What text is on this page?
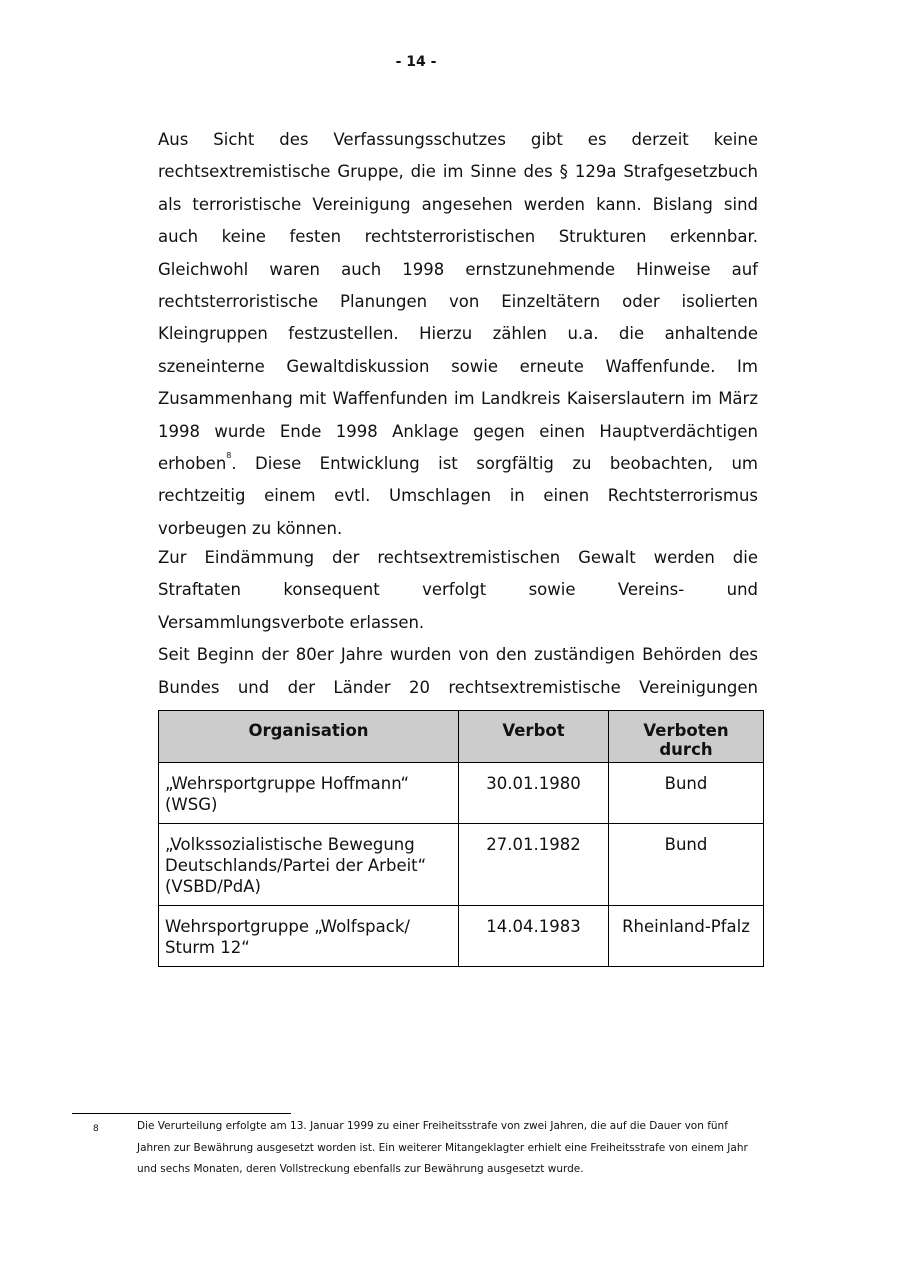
- 14 -

Aus Sicht des Verfassungsschutzes gibt es derzeit keine rechtsextremistische Gruppe, die im Sinne des § 129a Strafgesetzbuch als terroristische Vereinigung angesehen werden kann. Bislang sind auch keine festen rechtsterroristischen Strukturen erkennbar. Gleichwohl waren auch 1998 ernstzunehmende Hinweise auf rechtsterroristische Planungen von Einzeltätern oder isolierten Kleingruppen festzustellen. Hierzu zählen u.a. die anhaltende szeneinterne Gewaltdiskussion sowie erneute Waffenfunde. Im Zusammenhang mit Waffenfunden im Landkreis Kaiserslautern im März 1998 wurde Ende 1998 Anklage gegen einen Hauptverdächtigen erhoben$^8$. Diese Entwicklung ist sorgfältig zu beobachten, um rechtzeitig einem evtl. Umschlagen in einen Rechtsterrorismus vorbeugen zu können.

Zur Eindämmung der rechtsextremistischen Gewalt werden die Straftaten konsequent verfolgt sowie Vereins- und Versammlungsverbote erlassen.
Seit Beginn der 80er Jahre wurden von den zuständigen Behörden des Bundes und der Länder 20 rechtsextremistische Vereinigungen

Organisation	Verbot	Verboten durch
„Wehrsportgruppe Hoffmann“
(WSG)	30.01.1980	Bund
„Volkssozialistische Bewegung
Deutschlands/Partei der Arbeit“
(VSBD/PdA)	27.01.1982	Bund
Wehrsportgruppe „Wolfspack/
Sturm 12“	14.04.1983	Rheinland-Pfalz
8	Die Verurteilung erfolgte am 13. Januar 1999 zu einer Freiheitsstrafe von zwei Jahren, die auf die Dauer von fünf Jahren zur Bewährung ausgesetzt worden ist. Ein weiterer Mitangeklagter erhielt eine Freiheitsstrafe von einem Jahr und sechs Monaten, deren Vollstreckung ebenfalls zur Bewährung ausgesetzt wurde.
